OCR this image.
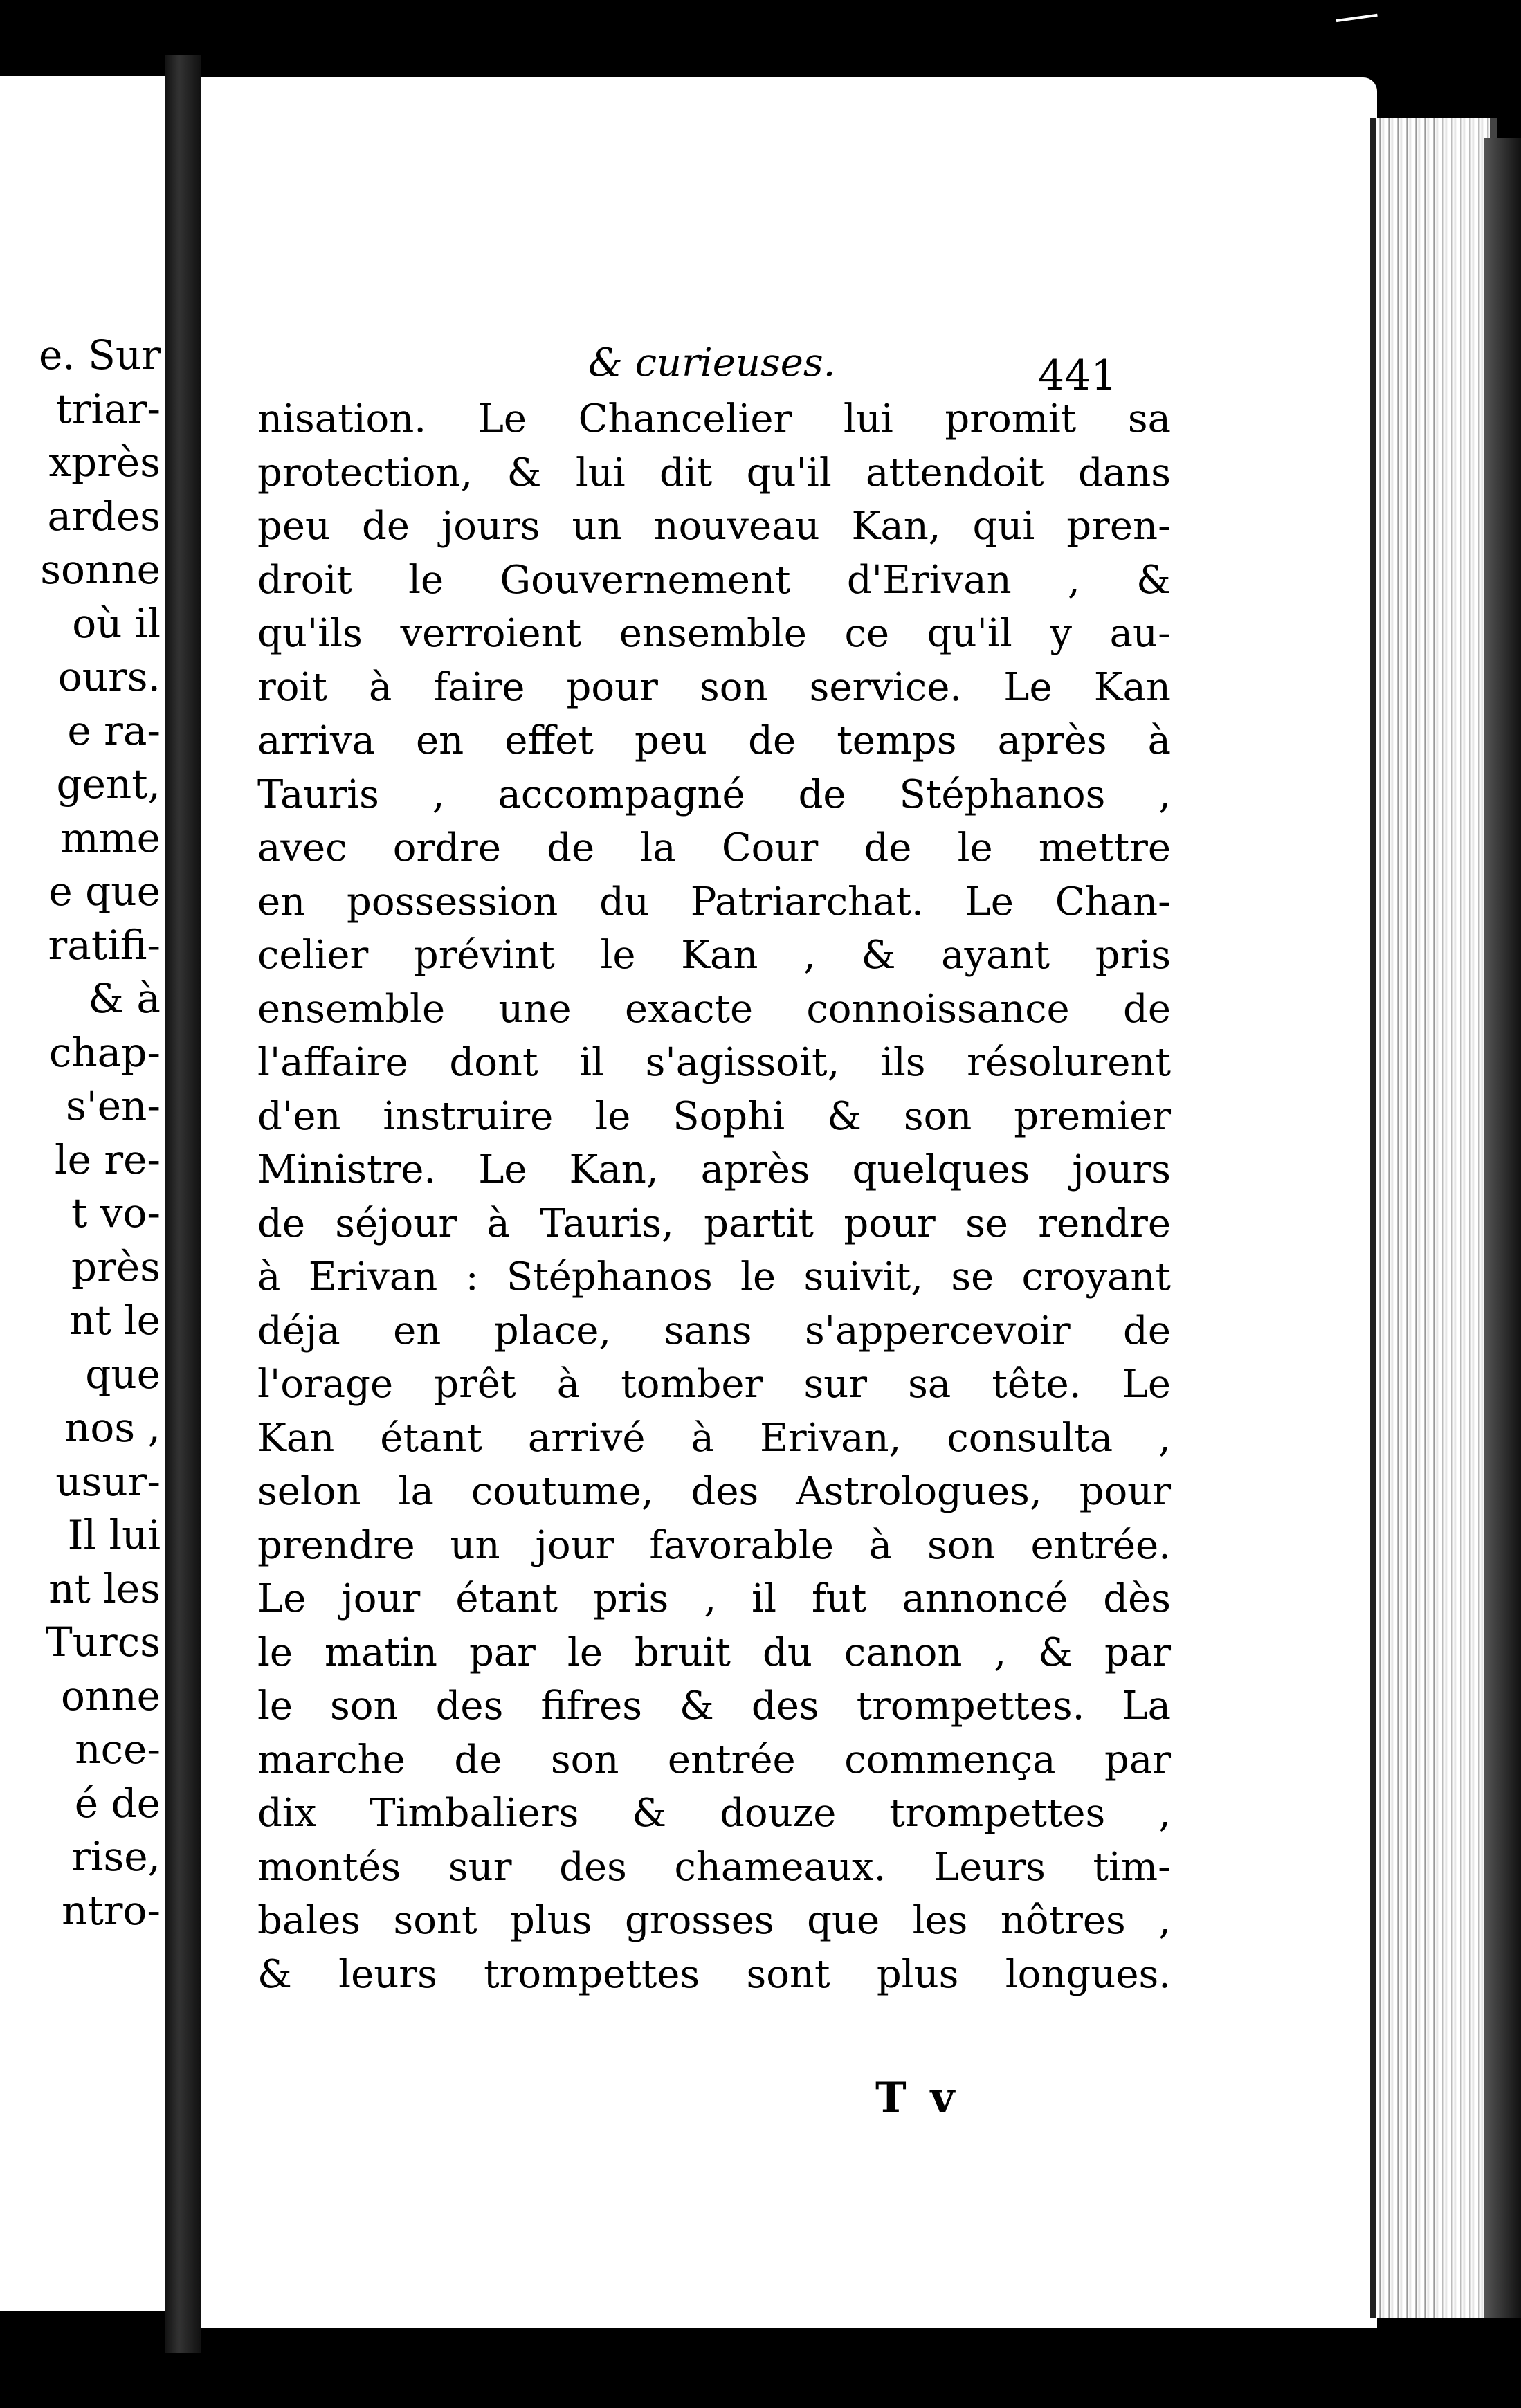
e. Sur
triar-
xprès
ardes
sonne
où il
ours.
e ra-
gent,
mme
e que
ratifi-
& à
chap-
s'en-
le re-
t vo-
près
nt le
que
nos ,
usur-
Il lui
nt les
Turcs
onne
nce-
é de
rise,
ntro-
& curieuses.	441
nisation. Le Chancelier lui promit sa
protection, & lui dit qu'il attendoit dans
peu de jours un nouveau Kan, qui pren-
droit le Gouvernement d'Erivan , &
qu'ils verroient ensemble ce qu'il y au-
roit à faire pour son service. Le Kan
arriva en effet peu de temps après à
Tauris , accompagné de Stéphanos ,
avec ordre de la Cour de le mettre
en possession du Patriarchat. Le Chan-
celier prévint le Kan , & ayant pris
ensemble une exacte connoissance de
l'affaire dont il s'agissoit, ils résolurent
d'en instruire le Sophi & son premier
Ministre. Le Kan, après quelques jours
de séjour à Tauris, partit pour se rendre
à Erivan : Stéphanos le suivit, se croyant
déja en place, sans s'appercevoir de
l'orage prêt à tomber sur sa tête. Le
Kan étant arrivé à Erivan, consulta ,
selon la coutume, des Astrologues, pour
prendre un jour favorable à son entrée.
Le jour étant pris , il fut annoncé dès
le matin par le bruit du canon , & par
le son des fifres & des trompettes. La
marche de son entrée commença par
dix Timbaliers & douze trompettes ,
montés sur des chameaux. Leurs tim-
bales sont plus grosses que les nôtres ,
& leurs trompettes sont plus longues.
T v
